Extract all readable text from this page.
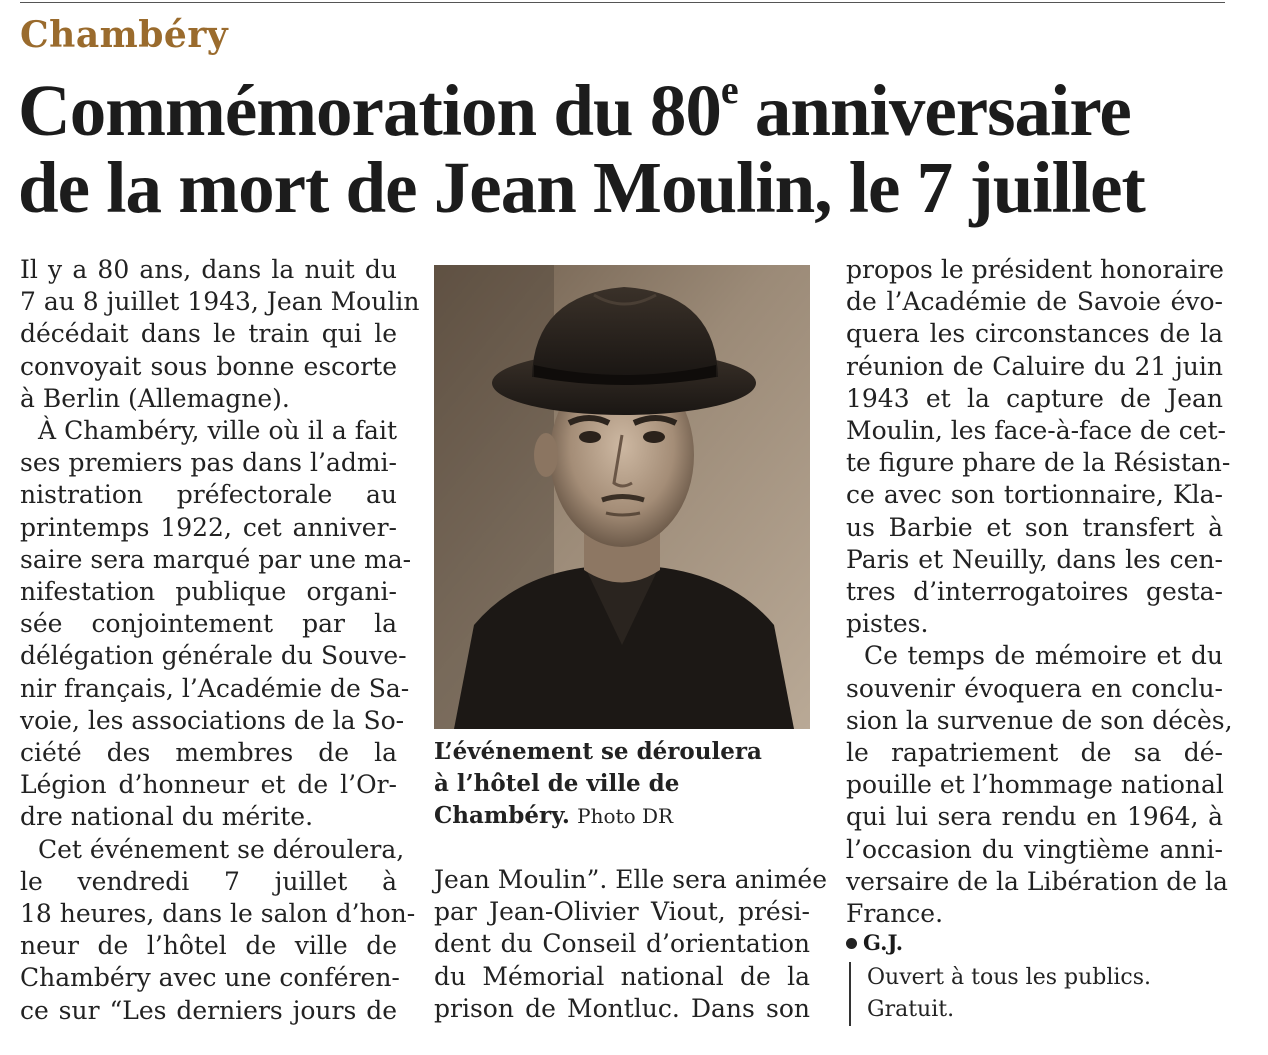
Chambéry
Commémoration du 80e anniversaire
de la mort de Jean Moulin, le 7 juillet
Il y a 80 ans, dans la nuit du
7 au 8 juillet 1943, Jean Moulin
décédait dans le train qui le
convoyait sous bonne escorte
à Berlin (Allemagne).
À Chambéry, ville où il a fait
ses premiers pas dans l’admi-
nistration préfectorale au
printemps 1922, cet anniver-
saire sera marqué par une ma-
nifestation publique organi-
sée conjointement par la
délégation générale du Souve-
nir français, l’Académie de Sa-
voie, les associations de la So-
ciété des membres de la
Légion d’honneur et de l’Or-
dre national du mérite.
Cet événement se déroulera,
le vendredi 7 juillet à
18 heures, dans le salon d’hon-
neur de l’hôtel de ville de
Chambéry avec une conféren-
ce sur “Les derniers jours de
L’événement se déroulera
à l’hôtel de ville de
Chambéry. Photo DR
Jean Moulin”. Elle sera animée
par Jean-Olivier Viout, prési-
dent du Conseil d’orientation
du Mémorial national de la
prison de Montluc. Dans son
propos le président honoraire
de l’Académie de Savoie évo-
quera les circonstances de la
réunion de Caluire du 21 juin
1943 et la capture de Jean
Moulin, les face-à-face de cet-
te figure phare de la Résistan-
ce avec son tortionnaire, Kla-
us Barbie et son transfert à
Paris et Neuilly, dans les cen-
tres d’interrogatoires gesta-
pistes.
Ce temps de mémoire et du
souvenir évoquera en conclu-
sion la survenue de son décès,
le rapatriement de sa dé-
pouille et l’hommage national
qui lui sera rendu en 1964, à
l’occasion du vingtième anni-
versaire de la Libération de la
France.
G.J.
Ouvert à tous les publics.
Gratuit.
